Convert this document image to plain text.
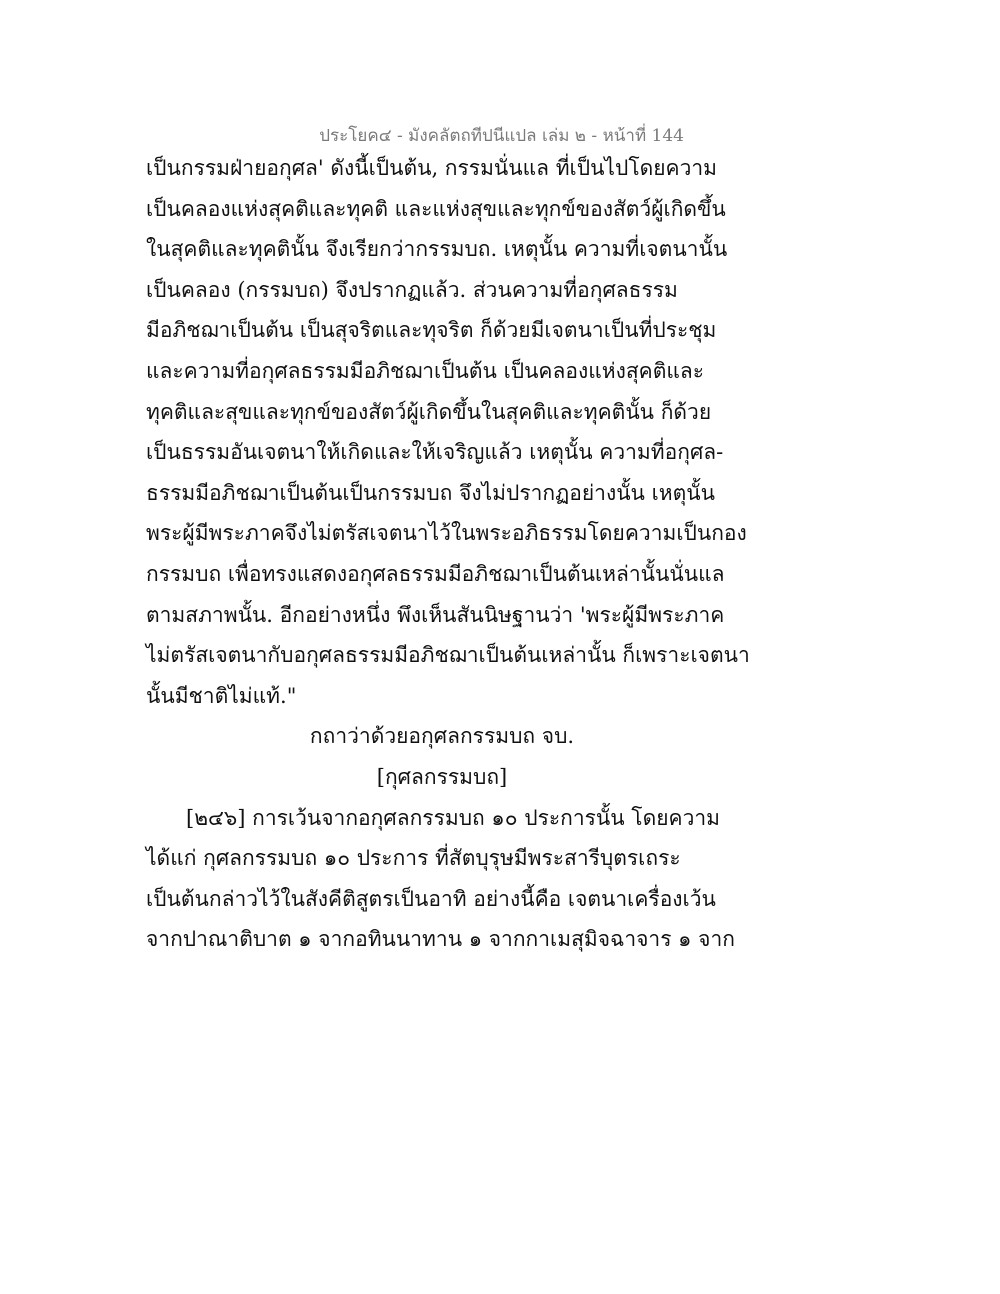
ประโยค๔ - มังคลัตถทีปนีแปล เล่ม ๒ - หน้าที่ 144
เป็นกรรมฝ่ายอกุศล' ดังนี้เป็นต้น, กรรมนั่นแล ที่เป็นไปโดยความ
เป็นคลองแห่งสุคติและทุคติ และแห่งสุขและทุกข์ของสัตว์ผู้เกิดขึ้น
ในสุคติและทุคตินั้น จึงเรียกว่ากรรมบถ. เหตุนั้น ความที่เจตนานั้น
เป็นคลอง (กรรมบถ) จึงปรากฏแล้ว. ส่วนความที่อกุศลธรรม
มีอภิชฌาเป็นต้น เป็นสุจริตและทุจริต ก็ด้วยมีเจตนาเป็นที่ประชุม
และความที่อกุศลธรรมมีอภิชฌาเป็นต้น เป็นคลองแห่งสุคติและ
ทุคติและสุขและทุกข์ของสัตว์ผู้เกิดขึ้นในสุคติและทุคตินั้น ก็ด้วย
เป็นธรรมอันเจตนาให้เกิดและให้เจริญแล้ว เหตุนั้น ความที่อกุศล-
ธรรมมีอภิชฌาเป็นต้นเป็นกรรมบถ จึงไม่ปรากฏอย่างนั้น เหตุนั้น
พระผู้มีพระภาคจึงไม่ตรัสเจตนาไว้ในพระอภิธรรมโดยความเป็นกอง
กรรมบถ เพื่อทรงแสดงอกุศลธรรมมีอภิชฌาเป็นต้นเหล่านั้นนั่นแล
ตามสภาพนั้น. อีกอย่างหนึ่ง พึงเห็นสันนิษฐานว่า 'พระผู้มีพระภาค
ไม่ตรัสเจตนากับอกุศลธรรมมีอภิชฌาเป็นต้นเหล่านั้น ก็เพราะเจตนา
นั้นมีชาติไม่แท้."
กถาว่าด้วยอกุศลกรรมบถ จบ.
[กุศลกรรมบถ]
[๒๔๖] การเว้นจากอกุศลกรรมบถ ๑๐ ประการนั้น โดยความ
ได้แก่ กุศลกรรมบถ ๑๐ ประการ ที่สัตบุรุษมีพระสารีบุตรเถระ
เป็นต้นกล่าวไว้ในสังคีติสูตรเป็นอาทิ อย่างนี้คือ เจตนาเครื่องเว้น
จากปาณาติบาต ๑ จากอทินนาทาน ๑ จากกาเมสุมิจฉาจาร ๑ จาก
